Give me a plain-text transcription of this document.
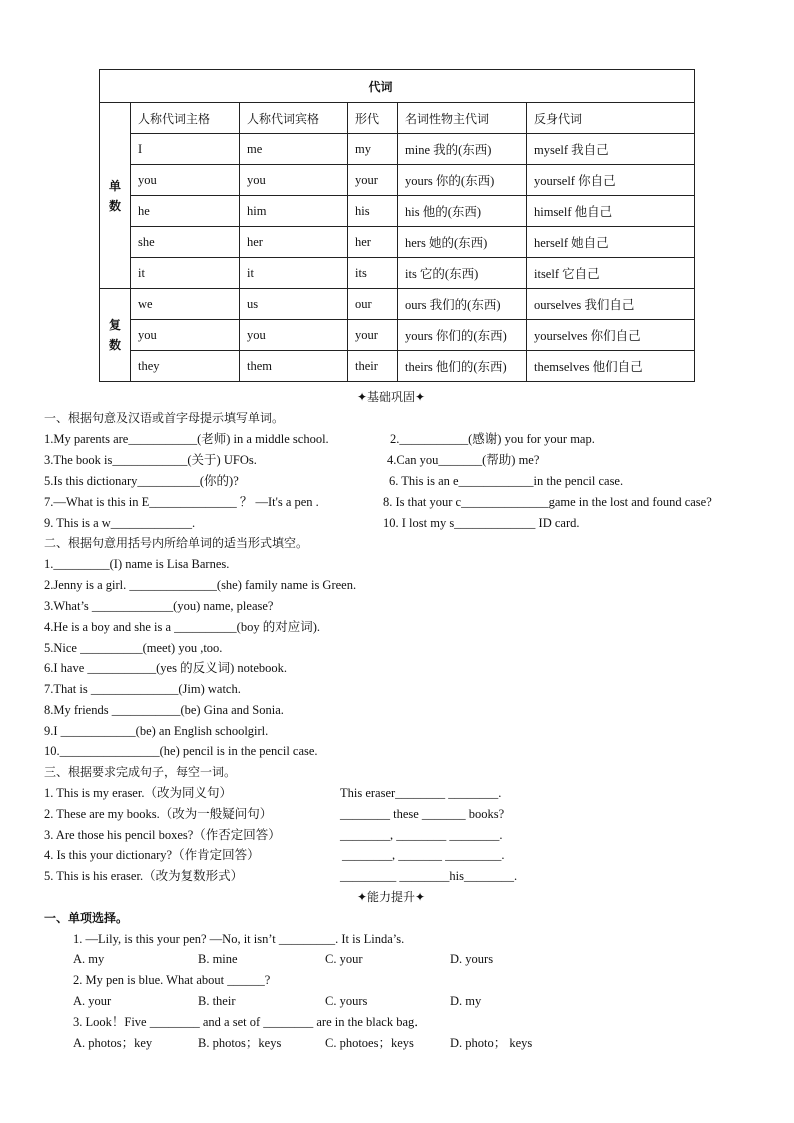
代词					
单
数	人称代词主格	人称代词宾格	形代	名词性物主代词	反身代词
	I	me	my	mine 我的(东西)	myself 我自己
	you	you	your	yours 你的(东西)	yourself 你自己
	he	him	his	his 他的(东西)	himself 他自己
	she	her	her	hers 她的(东西)	herself 她自己
	it	it	its	its 它的(东西)	itself 它自己
复
数	we	us	our	ours 我们的(东西)	ourselves 我们自己
	you	you	your	yours 你们的(东西)	yourselves 你们自己
	they	them	their	theirs 他们的(东西)	themselves 他们自己
✦基础巩固✦
一、根据句意及汉语或首字母提示填写单词。
1.My parents are___________(老师) in a middle school.	2.___________(感谢) you for your map.
3.The book is____________(关于) UFOs.	4.Can you_______(帮助) me?
5.Is this dictionary__________(你的)?	6. This is an e____________in the pencil case.
7.—What is this in E______________ ？ —It's a pen .	8. Is that your c______________game in the lost and found case?
9. This is a w_____________.	10. I lost my s_____________ ID card.
二、根据句意用括号内所给单词的适当形式填空。
1._________(I) name is Lisa Barnes.
2.Jenny is a girl. ______________(she) family name is Green.
3.What’s _____________(you) name, please?
4.He is a boy and she is a __________(boy 的对应词).
5.Nice __________(meet) you ,too.
6.I have ___________(yes 的反义词) notebook.
7.That is ______________(Jim) watch.
8.My friends ___________(be) Gina and Sonia.
9.I ____________(be) an English schoolgirl.
10.________________(he) pencil is in the pencil case.
三、根据要求完成句子，每空一词。
1. This is my eraser.（改为同义句）	This eraser________ ________.
2. These are my books.（改为一般疑问句）	________ these _______ books?
3. Are those his pencil boxes?（作否定回答）	________, ________ ________.
4. Is this your dictionary?（作肯定回答）	________, _______ _________.
5. This is his eraser.（改为复数形式）	_________ ________his________.
✦能力提升✦
一、单项选择。
1. —Lily, is this your pen? —No, it isn’t _________. It is Linda’s.
A. my	B. mine	C. your	D. yours
2. My pen is blue. What about ______?
A. your	B. their	C. yours	D. my
3. Look！Five ________ and a set of ________ are in the black bag．
A. photos；key	B. photos；keys	C. photoes；keys	D. photo； keys
